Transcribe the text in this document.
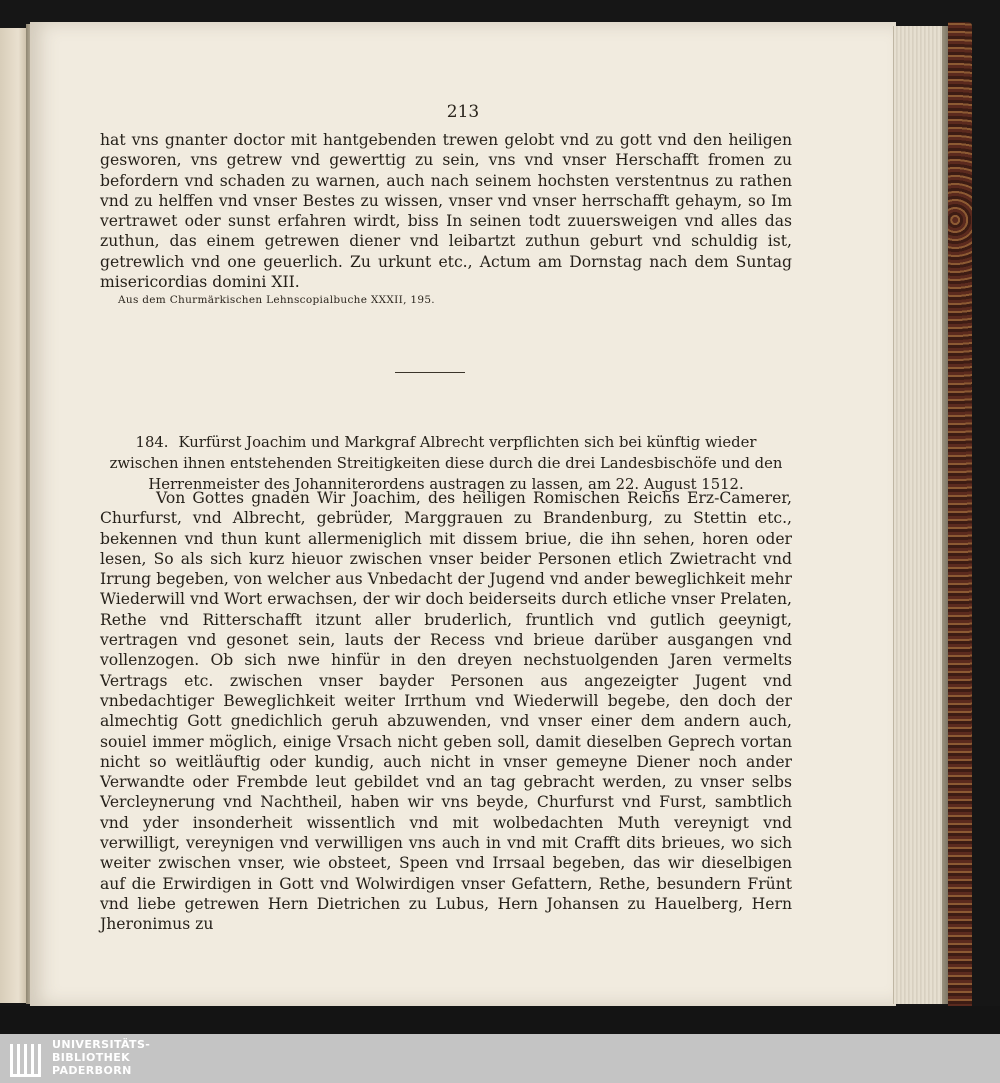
213

hat vns gnanter doctor mit hantgebenden trewen gelobt vnd zu gott vnd den heiligen gesworen, vns getrew vnd gewerttig zu sein, vns vnd vnser Herschafft fromen zu befordern vnd schaden zu warnen, auch nach seinem hochsten verstentnus zu rathen vnd zu helffen vnd vnser Bestes zu wissen, vnser vnd vnser herrschafft gehaym, so Im vertrawet oder sunst erfahren wirdt, biss In seinen todt zuuerswеigen vnd alles das zuthun, das einem getrewen diener vnd leibartzt zuthun geburt vnd schuldig ist, getrewlich vnd one geuerlich. Zu urkunt etc., Actum am Dornstag nach dem Suntag misericordias domini XII.

Aus dem Churmärkischen Lehnscopialbuche XXXII, 195.
184. Kurfürst Joachim und Markgraf Albrecht verpflichten sich bei künftig wieder zwischen ihnen entstehenden Streitigkeiten diese durch die drei Landesbischöfe und den Herrenmeister des Johanniterordens austragen zu lassen, am 22. August 1512.

Von Gottes gnaden Wir Joachim, des heiligen Romischen Reichs Erz-Camerer, Churfurst, vnd Albrecht, gebrüder, Marggrauen zu Brandenburg, zu Stettin etc., bekennen vnd thun kunt allermeniglich mit dissem briue, die ihn sehen, horen oder lesen, So als sich kurz hieuor zwischen vnser beider Personen etlich Zwietracht vnd Irrung begeben, von welcher aus Vnbedacht der Jugend vnd ander beweglichkeit mehr Wiederwill vnd Wort erwachsen, der wir doch beiderseits durch etliche vnser Prelaten, Rethe vnd Ritterschafft itzunt aller bruderlich, fruntlich vnd gutlich geeynigt, vertragen vnd gesonet sein, lauts der Recess vnd brieue darüber ausgangen vnd vollenzogen. Ob sich nwe hinfür in den dreyen nechstuolgenden Jaren vermelts Vertrags etc. zwischen vnser bayder Personen aus angezeigter Jugent vnd vnbedachtiger Beweglichkeit weiter Irrthum vnd Wiederwill begebe, den doch der almechtig Gott gnedichlich geruh abzuwenden, vnd vnser einer dem andern auch, souiel immer möglich, einige Vrsach nicht geben soll, damit dieselben Geprech vortan nicht so weitläuftig oder kundig, auch nicht in vnser gemeyne Diener noch ander Verwandte oder Frembde leut gebildet vnd an tag gebracht werden, zu vnser selbs Vercleynerung vnd Nachtheil, haben wir vns beyde, Churfurst vnd Furst, sambtlich vnd yder insonderheit wissentlich vnd mit wolbedachten Muth vereynigt vnd verwilligt, vereynigen vnd verwilligen vns auch in vnd mit Crafft dits brieues, wo sich weiter zwischen vnser, wie obsteet, Speen vnd Irrsaal begeben, das wir dieselbigen auf die Erwirdigen in Gott vnd Wolwirdigen vnser Gefattern, Rethe, besundern Frünt vnd liebe getrewen Hern Dietrichen zu Lubus, Hern Johansen zu Hauelberg, Hern Jheronimus zu

UNIVERSITÄTS-
BIBLIOTHEK
PADERBORN
